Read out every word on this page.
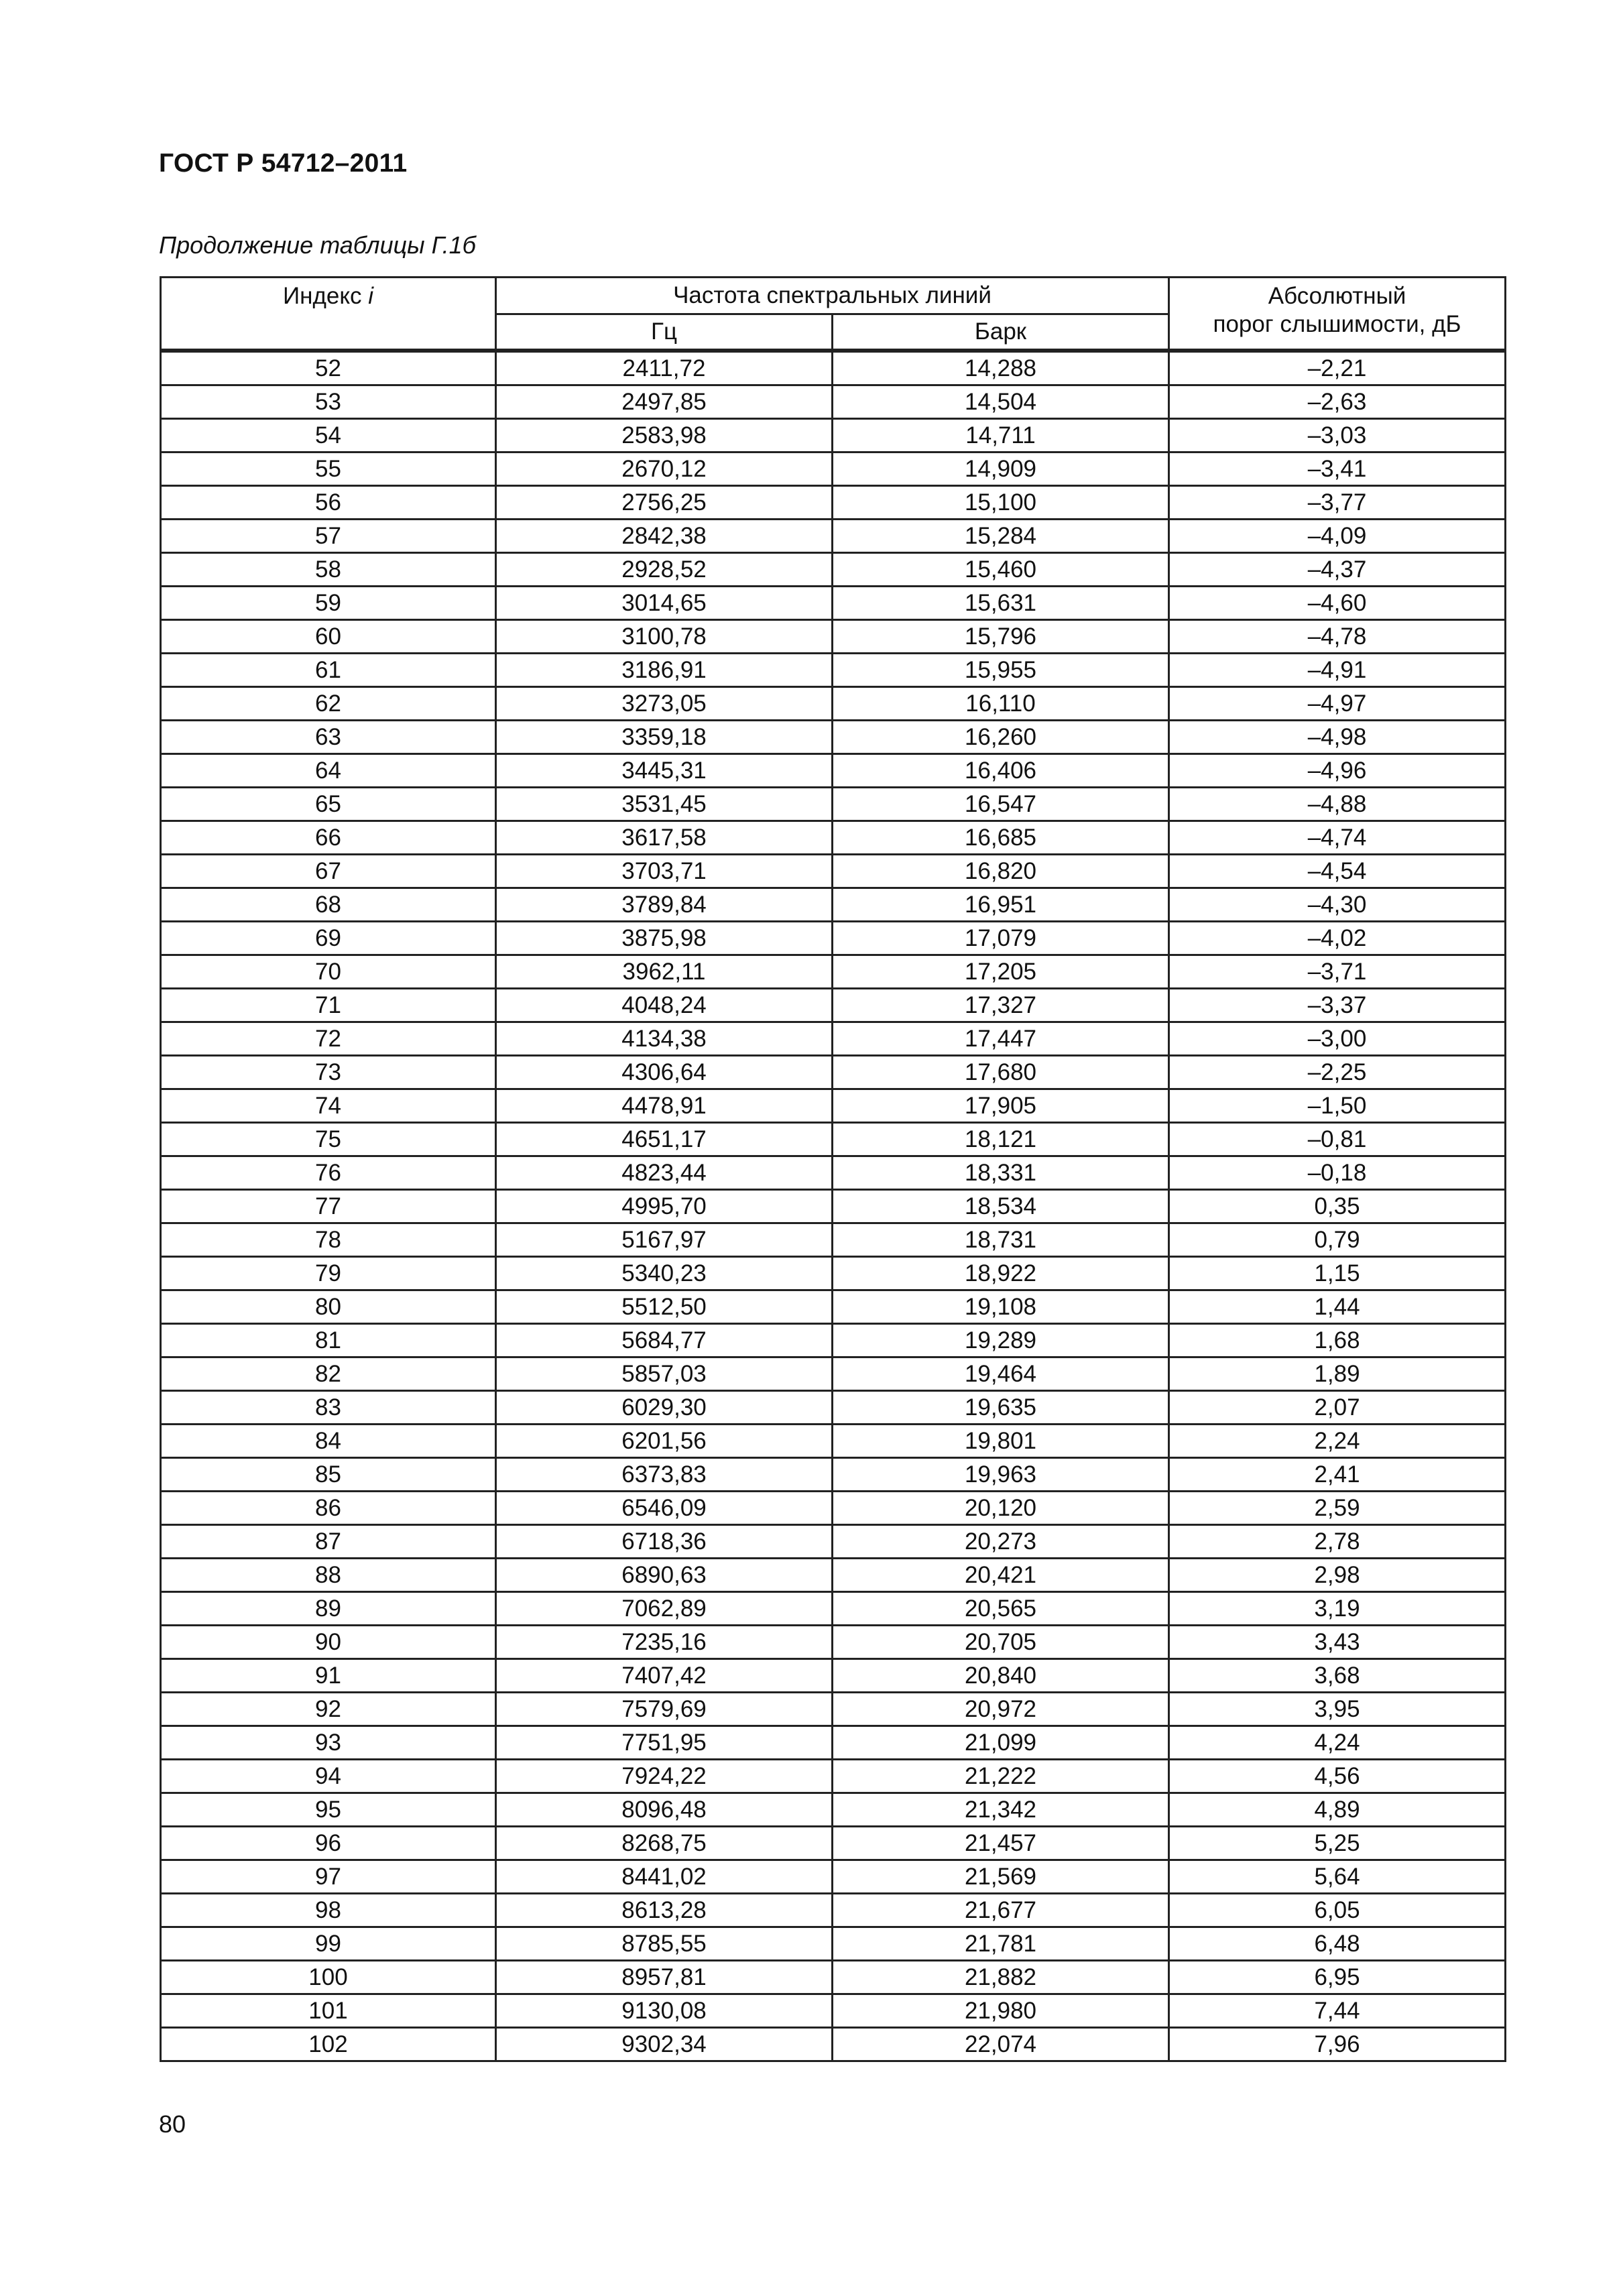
ГОСТ Р 54712–2011
Продолжение таблицы Г.1б
Индекс i	Частота спектральных линий		Абсолютный
порог слышимости, дБ
	Гц	Барк	
52	2411,72	14,288	–2,21
53	2497,85	14,504	–2,63
54	2583,98	14,711	–3,03
55	2670,12	14,909	–3,41
56	2756,25	15,100	–3,77
57	2842,38	15,284	–4,09
58	2928,52	15,460	–4,37
59	3014,65	15,631	–4,60
60	3100,78	15,796	–4,78
61	3186,91	15,955	–4,91
62	3273,05	16,110	–4,97
63	3359,18	16,260	–4,98
64	3445,31	16,406	–4,96
65	3531,45	16,547	–4,88
66	3617,58	16,685	–4,74
67	3703,71	16,820	–4,54
68	3789,84	16,951	–4,30
69	3875,98	17,079	–4,02
70	3962,11	17,205	–3,71
71	4048,24	17,327	–3,37
72	4134,38	17,447	–3,00
73	4306,64	17,680	–2,25
74	4478,91	17,905	–1,50
75	4651,17	18,121	–0,81
76	4823,44	18,331	–0,18
77	4995,70	18,534	0,35
78	5167,97	18,731	0,79
79	5340,23	18,922	1,15
80	5512,50	19,108	1,44
81	5684,77	19,289	1,68
82	5857,03	19,464	1,89
83	6029,30	19,635	2,07
84	6201,56	19,801	2,24
85	6373,83	19,963	2,41
86	6546,09	20,120	2,59
87	6718,36	20,273	2,78
88	6890,63	20,421	2,98
89	7062,89	20,565	3,19
90	7235,16	20,705	3,43
91	7407,42	20,840	3,68
92	7579,69	20,972	3,95
93	7751,95	21,099	4,24
94	7924,22	21,222	4,56
95	8096,48	21,342	4,89
96	8268,75	21,457	5,25
97	8441,02	21,569	5,64
98	8613,28	21,677	6,05
99	8785,55	21,781	6,48
100	8957,81	21,882	6,95
101	9130,08	21,980	7,44
102	9302,34	22,074	7,96
80
